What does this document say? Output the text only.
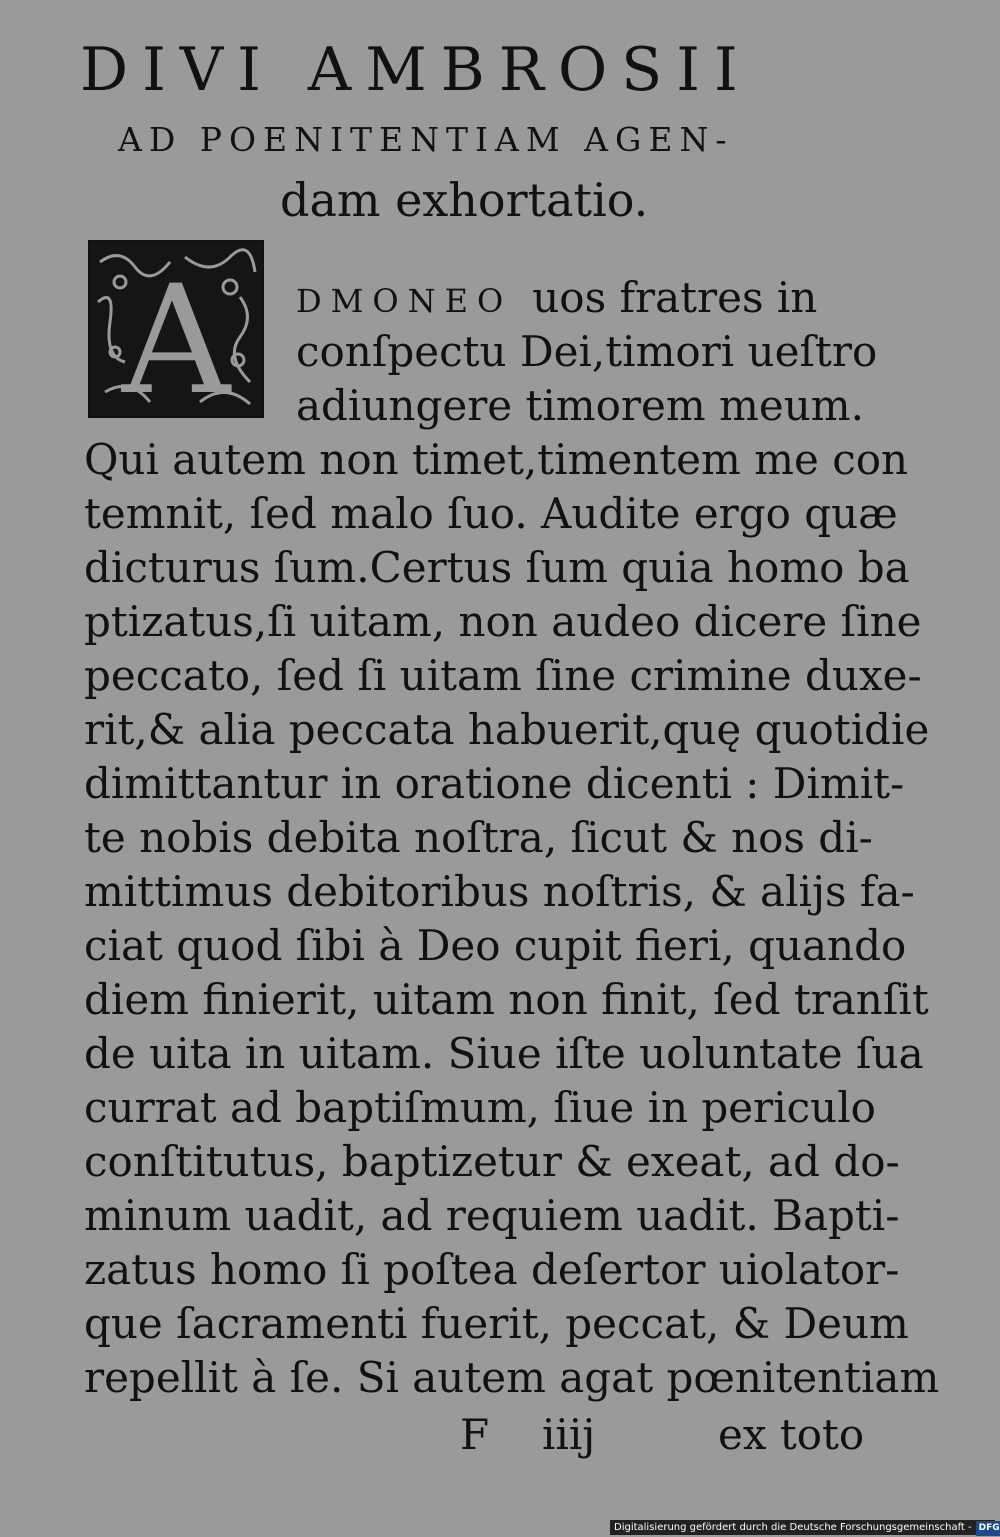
DIVI AMBROSII
AD POENITENTIAM AGEN-
dam exhortatio.
A DMONEO uos fratres in
conſpectu Dei,timori ueſtro
adiungere timorem meum.
Qui autem non timet,timentem me con
temnit, ſed malo ſuo. Audite ergo quæ
dicturus ſum.Certus ſum quia homo ba
ptizatus,ſi uitam, non audeo dicere ſine
peccato, ſed ſi uitam ſine crimine duxe-
rit,& alia peccata habuerit,quę quotidie
dimittantur in oratione dicenti : Dimit-
te nobis debita noſtra, ſicut & nos di-
mittimus debitoribus noſtris, & alijs fa-
ciat quod ſibi à Deo cupit fieri, quando
diem finierit, uitam non finit, ſed tranſit
de uita in uitam. Siue iſte uoluntate ſua
currat ad baptiſmum, ſiue in periculo
conſtitutus, baptizetur & exeat, ad do-
minum uadit, ad requiem uadit. Bapti-
zatus homo ſi poſtea deſertor uiolator-
que ſacramenti fuerit, peccat, & Deum
repellit à ſe. Si autem agat pœnitentiam
F iiij	ex toto
Digitalisierung gefördert durch die Deutsche Forschungsgemeinschaft - DFG
